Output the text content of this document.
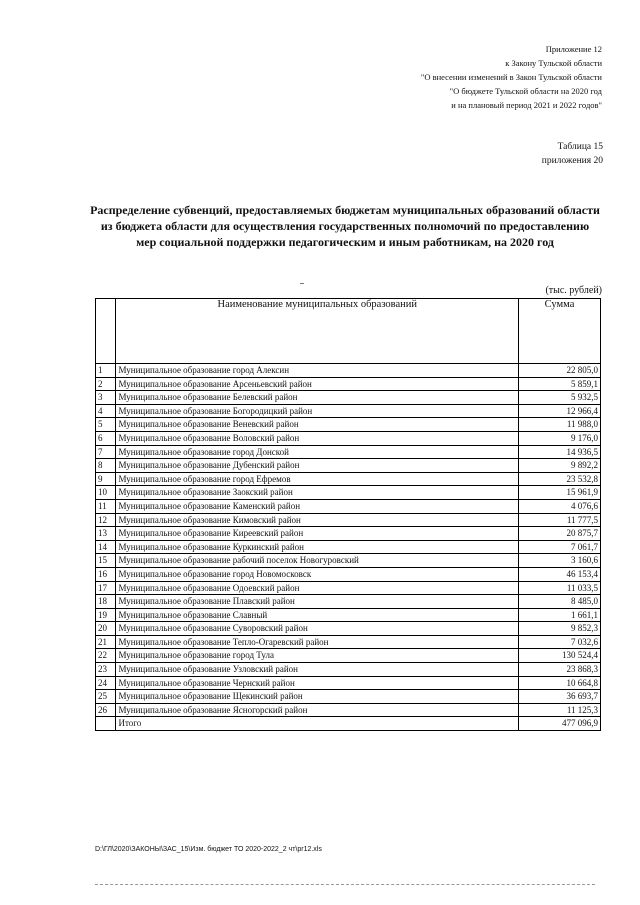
Приложение 12
к Закону Тульской области
"О внесении изменений в Закон Тульской области
"О бюджете Тульской области на 2020 год
и на плановый период 2021 и 2022 годов"
Таблица 15
приложения 20
Распределение субвенций, предоставляемых бюджетам муниципальных образований области из бюджета области для осуществления государственных полномочий по предоставлению мер социальной поддержки педагогическим и иным работникам, на 2020 год
(тыс. рублей)
	Наименование муниципальных образований	Сумма
1	Муниципальное образование город Алексин	22 805,0
2	Муниципальное образование Арсеньевский район	5 859,1
3	Муниципальное образование Белевский район	5 932,5
4	Муниципальное образование Богородицкий район	12 966,4
5	Муниципальное образование Веневский район	11 988,0
6	Муниципальное образование Воловский район	9 176,0
7	Муниципальное образование город Донской	14 936,5
8	Муниципальное образование Дубенский район	9 892,2
9	Муниципальное образование город Ефремов	23 532,8
10	Муниципальное образование Заокский район	15 961,9
11	Муниципальное образование Каменский район	4 076,6
12	Муниципальное образование Кимовский район	11 777,5
13	Муниципальное образование Киреевский район	20 875,7
14	Муниципальное образование Куркинский район	7 061,7
15	Муниципальное образование рабочий поселок Новогуровский	3 160,6
16	Муниципальное образование город Новомосковск	46 153,4
17	Муниципальное образование Одоевский район	11 033,5
18	Муниципальное образование Плавский район	8 485,0
19	Муниципальное образование Славный	1 661,1
20	Муниципальное образование Суворовский район	9 852,3
21	Муниципальное образование Тепло-Огаревский район	7 032,6
22	Муниципальное образование город Тула	130 524,4
23	Муниципальное образование Узловский район	23 868,3
24	Муниципальное образование Чернский район	10 664,8
25	Муниципальное образование Щекинский район	36 693,7
26	Муниципальное образование Ясногорский район	11 125,3
	Итого	477 096,9
D:\ГЛ\2020\ЗАКОНЫ\ЗАС_15\Изм. бюджет ТО 2020-2022_2 чт\pr12.xls
